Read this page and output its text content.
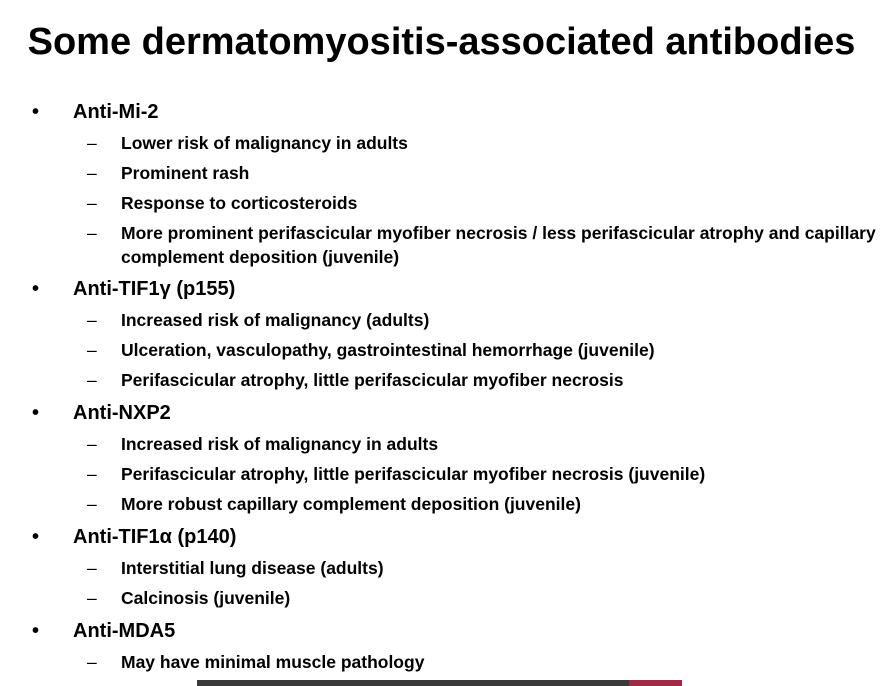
Some dermatomyositis-associated antibodies
• Anti-Mi-2
– Lower risk of malignancy in adults
– Prominent rash
– Response to corticosteroids
– More prominent perifascicular myofiber necrosis / less perifascicular atrophy and capillary
complement deposition (juvenile)
• Anti-TIF1γ (p155)
– Increased risk of malignancy (adults)
– Ulceration, vasculopathy, gastrointestinal hemorrhage (juvenile)
– Perifascicular atrophy, little perifascicular myofiber necrosis
• Anti-NXP2
– Increased risk of malignancy in adults
– Perifascicular atrophy, little perifascicular myofiber necrosis (juvenile)
– More robust capillary complement deposition (juvenile)
• Anti-TIF1α (p140)
– Interstitial lung disease (adults)
– Calcinosis (juvenile)
• Anti-MDA5
– May have minimal muscle pathology
